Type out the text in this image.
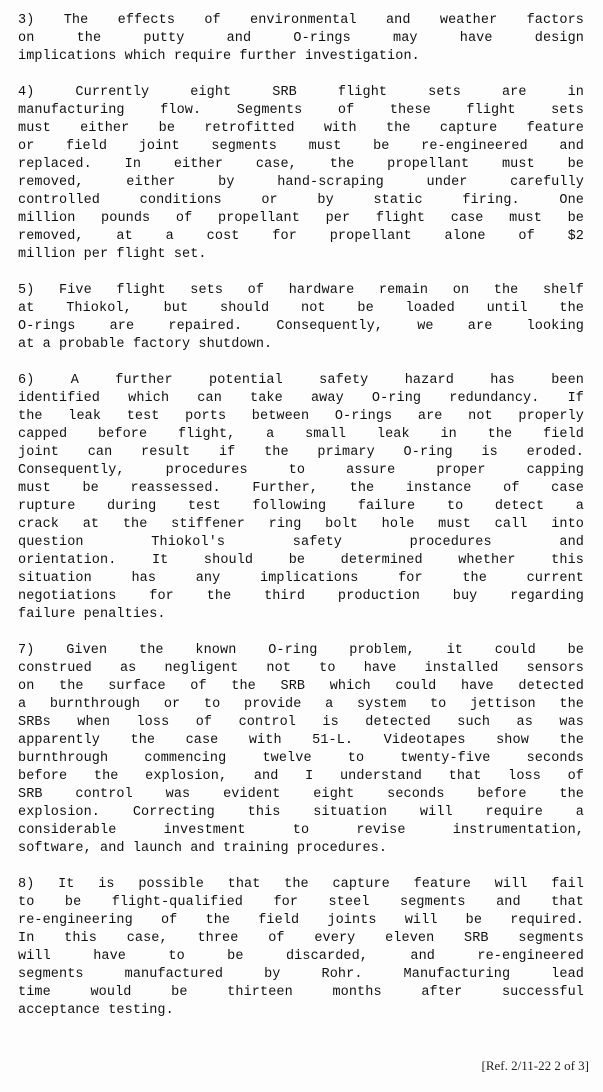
3) The effects of environmental and weather factors
on the putty and O-rings may have design
implications which require further investigation.
4) Currently eight SRB flight sets are in
manufacturing flow. Segments of these flight sets
must either be retrofitted with the capture feature
or field joint segments must be re-engineered and
replaced. In either case, the propellant must be
removed, either by hand-scraping under carefully
controlled conditions or by static firing. One
million pounds of propellant per flight case must be
removed, at a cost for propellant alone of $2
million per flight set.
5) Five flight sets of hardware remain on the shelf
at Thiokol, but should not be loaded until the
O-rings are repaired. Consequently, we are looking
at a probable factory shutdown.
6) A further potential safety hazard has been
identified which can take away O-ring redundancy. If
the leak test ports between O-rings are not properly
capped before flight, a small leak in the field
joint can result if the primary O-ring is eroded.
Consequently, procedures to assure proper capping
must be reassessed. Further, the instance of case
rupture during test following failure to detect a
crack at the stiffener ring bolt hole must call into
question Thiokol's safety procedures and
orientation. It should be determined whether this
situation has any implications for the current
negotiations for the third production buy regarding
failure penalties.
7) Given the known O-ring problem, it could be
construed as negligent not to have installed sensors
on the surface of the SRB which could have detected
a burnthrough or to provide a system to jettison the
SRBs when loss of control is detected such as was
apparently the case with 51-L. Videotapes show the
burnthrough commencing twelve to twenty-five seconds
before the explosion, and I understand that loss of
SRB control was evident eight seconds before the
explosion. Correcting this situation will require a
considerable investment to revise instrumentation,
software, and launch and training procedures.
8) It is possible that the capture feature will fail
to be flight-qualified for steel segments and that
re-engineering of the field joints will be required.
In this case, three of every eleven SRB segments
will have to be discarded, and re-engineered
segments manufactured by Rohr. Manufacturing lead
time would be thirteen months after successful
acceptance testing.
[Ref. 2/11-22 2 of 3]
